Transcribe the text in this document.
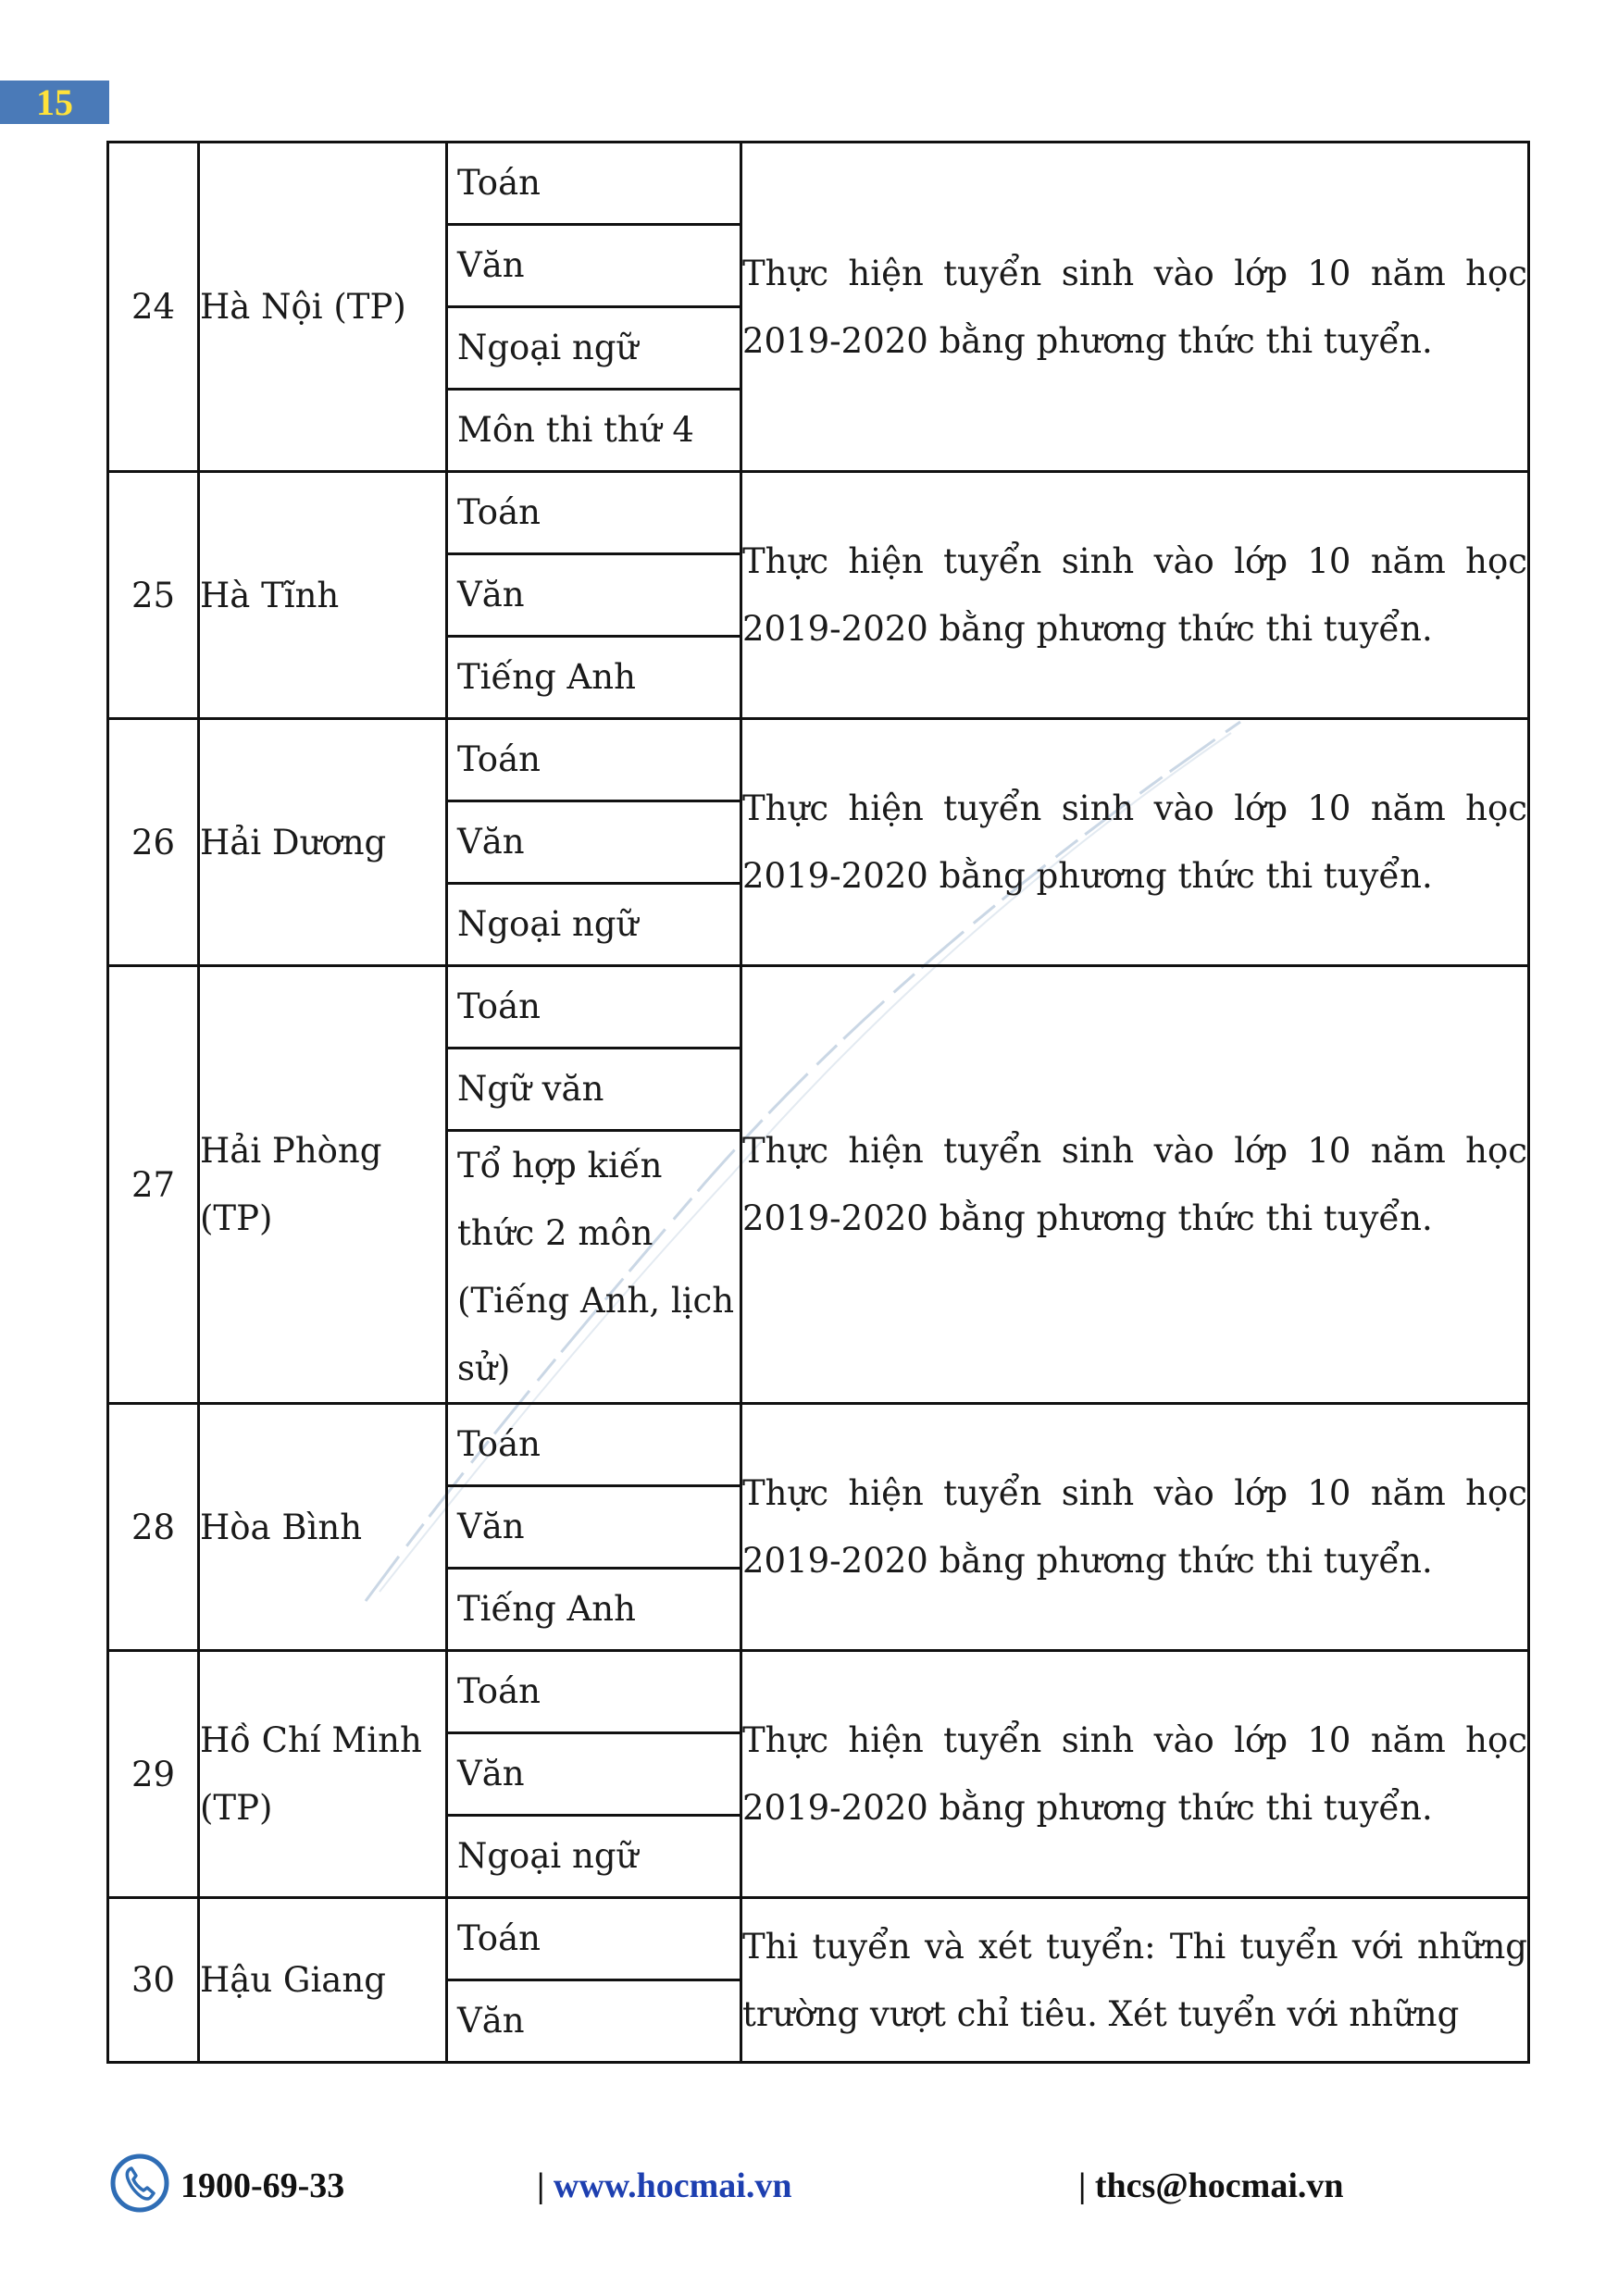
15
24	Hà Nội (TP)	Toán
Văn
Ngoại ngữ
Môn thi thứ 4	Thực hiện tuyển sinh vào lớp 10 năm học
2019-2020 bằng phương thức thi tuyển.

25	Hà Tĩnh	Toán
Văn
Tiếng Anh	Thực hiện tuyển sinh vào lớp 10 năm học
2019-2020 bằng phương thức thi tuyển.

26	Hải Dương	Toán
Văn
Ngoại ngữ	Thực hiện tuyển sinh vào lớp 10 năm học
2019-2020 bằng phương thức thi tuyển.

27	Hải Phòng (TP)	Toán
Ngữ văn
Tổ hợp kiến thức 2 môn (Tiếng Anh, lịch sử)	Thực hiện tuyển sinh vào lớp 10 năm học
2019-2020 bằng phương thức thi tuyển.

28	Hòa Bình	Toán
Văn
Tiếng Anh	Thực hiện tuyển sinh vào lớp 10 năm học
2019-2020 bằng phương thức thi tuyển.

29	Hồ Chí Minh (TP)	Toán
Văn
Ngoại ngữ	Thực hiện tuyển sinh vào lớp 10 năm học
2019-2020 bằng phương thức thi tuyển.

30	Hậu Giang	Toán
Văn	Thi tuyển và xét tuyển: Thi tuyển với những
trường vượt chỉ tiêu. Xét tuyển với những
1900-69-33	| www.hocmai.vn	| thcs@hocmai.vn
